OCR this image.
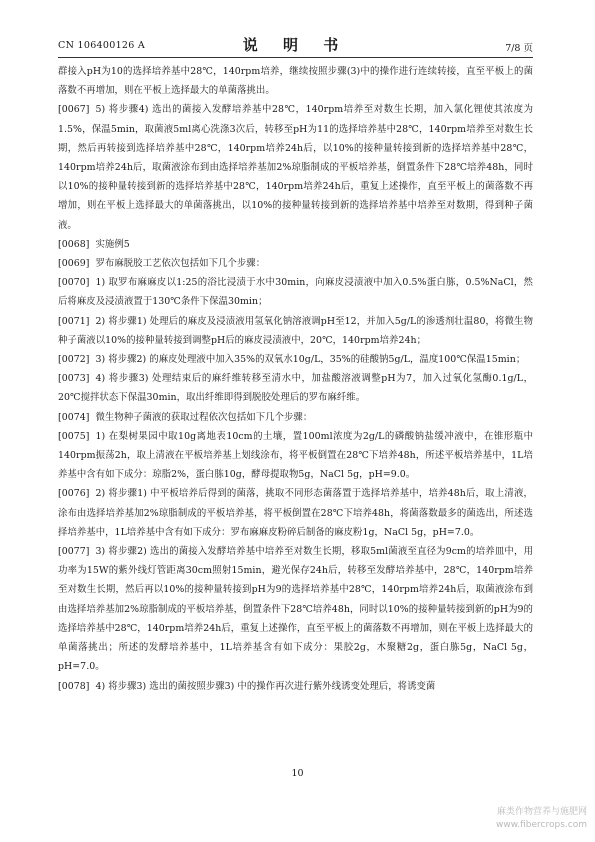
CN 106400126 A	说 明 书	7/8 页

群接入pH为10的选择培养基中28℃，140rpm培养，继续按照步骤(3)中的操作进行连续转接，直至平板上的菌落数不再增加，则在平板上选择最大的单菌落挑出。

[0067] 5) 将步骤4) 选出的菌接入发酵培养基中28℃，140rpm培养至对数生长期，加入氯化锂使其浓度为1.5%，保温5min，取菌液5ml离心洗涤3次后，转移至pH为11的选择培养基中28℃，140rpm培养至对数生长期，然后再转接到选择培养基中28℃，140rpm培养24h后，以10%的接种量转接到新的选择培养基中28℃，140rpm培养24h后，取菌液涂布到由选择培养基加2%琼脂制成的平板培养基，倒置条件下28℃培养48h，同时以10%的接种量转接到新的选择培养基中28℃，140rpm培养24h后，重复上述操作，直至平板上的菌落数不再增加，则在平板上选择最大的单菌落挑出，以10%的接种量转接到新的选择培养基中培养至对数期，得到种子菌液。

[0068] 实施例5

[0069] 罗布麻脱胶工艺依次包括如下几个步骤：

[0070] 1) 取罗布麻麻皮以1:25的浴比浸渍于水中30min，向麻皮浸渍液中加入0.5%蛋白胨，0.5%NaCl，然后将麻皮及浸渍液置于130℃条件下保温30min；

[0071] 2) 将步骤1) 处理后的麻皮及浸渍液用氢氧化钠溶液调pH至12，并加入5g/L的渗透剂壮温80，将微生物种子菌液以10%的接种量转接到调整pH后的麻皮浸渍液中，20℃，140rpm培养24h；

[0072] 3) 将步骤2) 的麻皮处理液中加入35%的双氧水10g/L，35%的硅酸钠5g/L，温度100℃保温15min；

[0073] 4) 将步骤3) 处理结束后的麻纤维转移至清水中，加盐酸溶液调整pH为7，加入过氧化氢酶0.1g/L，20℃搅拌状态下保温30min，取出纤维即得到脱胶处理后的罗布麻纤维。

[0074] 微生物种子菌液的获取过程依次包括如下几个步骤：

[0075] 1) 在梨树果园中取10g离地表10cm的土壤，置100ml浓度为2g/L的磷酸钠盐缓冲液中，在锥形瓶中140rpm振荡2h，取上清液在平板培养基上划线涂布，将平板倒置在28℃下培养48h，所述平板培养基中，1L培养基中含有如下成分：琼脂2%，蛋白胨10g，酵母提取物5g，NaCl 5g，pH=9.0。

[0076] 2) 将步骤1) 中平板培养后得到的菌落，挑取不同形态菌落置于选择培养基中，培养48h后，取上清液，涂布由选择培养基加2%琼脂制成的平板培养基，将平板倒置在28℃下培养48h，将菌落数最多的菌选出，所述选择培养基中，1L培养基中含有如下成分：罗布麻麻皮粉碎后制备的麻皮粉1g，NaCl 5g，pH=7.0。

[0077] 3) 将步骤2) 选出的菌接入发酵培养基中培养至对数生长期，移取5ml菌液至直径为9cm的培养皿中，用功率为15W的紫外线灯管距离30cm照射15min，避光保存24h后，转移至发酵培养基中，28℃，140rpm培养至对数生长期，然后再以10%的接种量转接到pH为9的选择培养基中28℃，140rpm培养24h后，取菌液涂布到由选择培养基加2%琼脂制成的平板培养基，倒置条件下28℃培养48h，同时以10%的接种量转接到新的pH为9的选择培养基中28℃，140rpm培养24h后，重复上述操作，直至平板上的菌落数不再增加，则在平板上选择最大的单菌落挑出；所述的发酵培养基中，1L培养基含有如下成分：果胶2g，木聚糖2g，蛋白胨5g，NaCl 5g，pH=7.0。

[0078] 4) 将步骤3) 选出的菌按照步骤3) 中的操作再次进行紫外线诱变处理后，将诱变菌

10
麻类作物营养与施肥网
www.fibercrops.com
